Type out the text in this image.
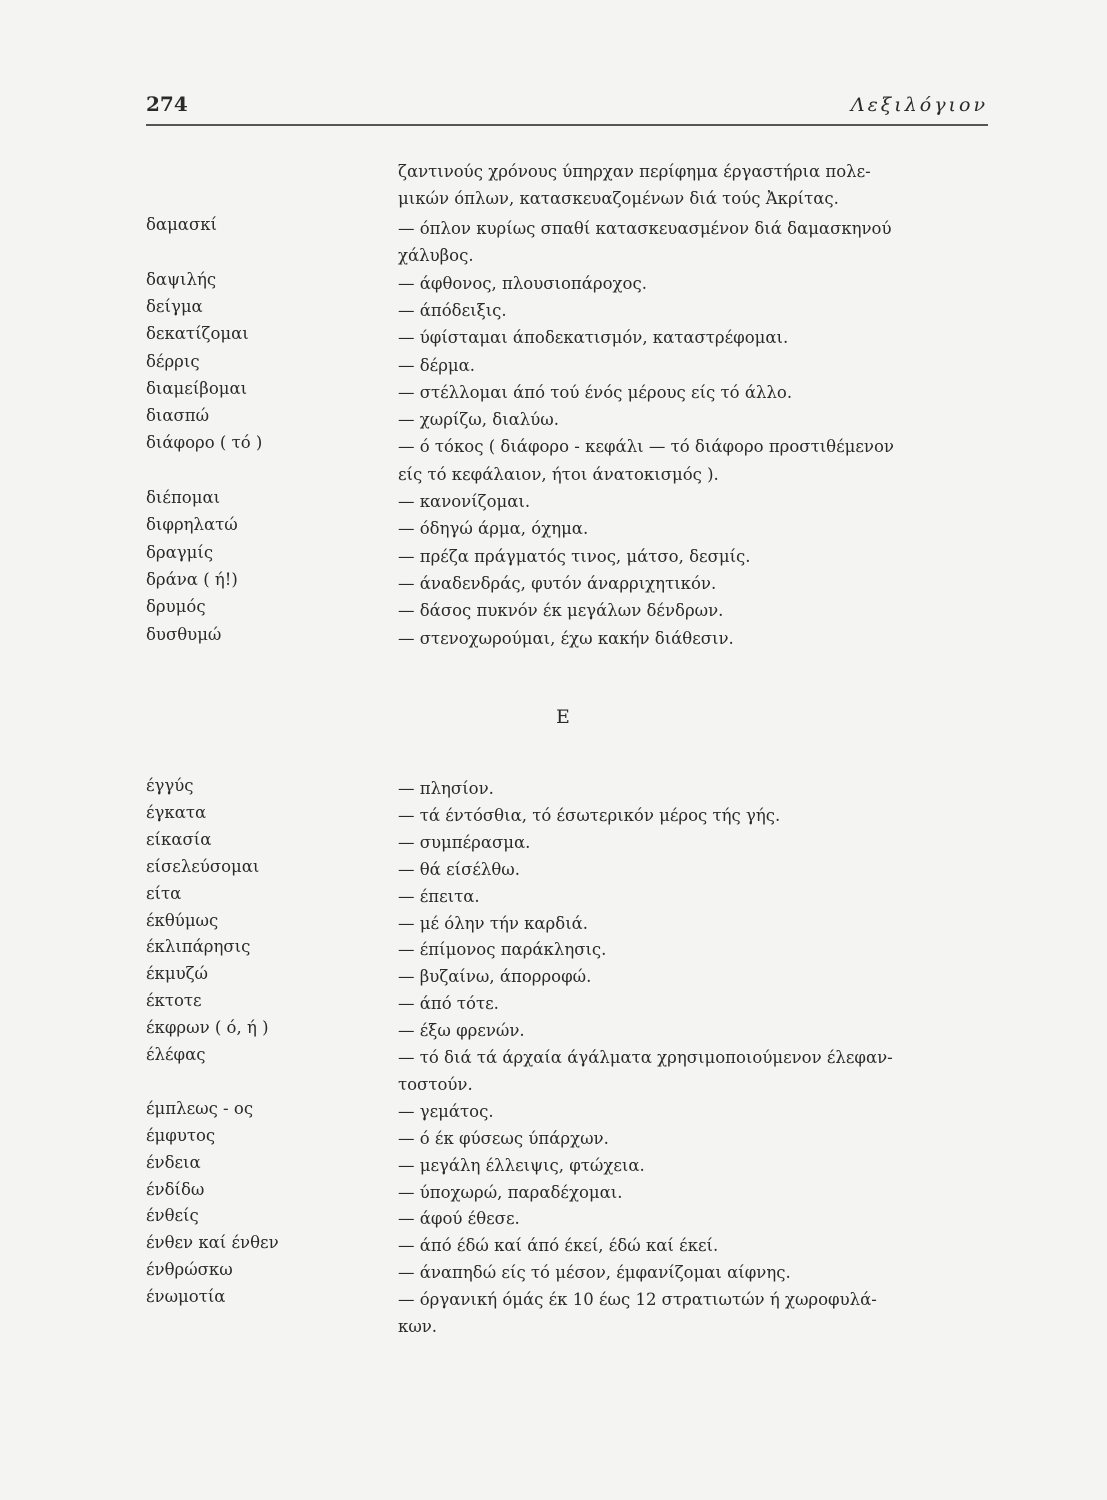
274	Λεξιλόγιον
ζαντινούς χρόνους ύπηρχαν περίφημα έργαστήρια πολε-
μικών όπλων, κατασκευαζομένων διά τούς Ἀκρίτας.
δαμασκί	— όπλον κυρίως σπαθί κατασκευασμένον διά δαμασκηνού
χάλυβος.
δαψιλής	— άφθονος, πλουσιοπάροχος.
δείγμα	— άπόδειξις.
δεκατίζομαι	— ύφίσταμαι άποδεκατισμόν, καταστρέφομαι.
δέρρις	— δέρμα.
διαμείβομαι	— στέλλομαι άπό τού ένός μέρους είς τό άλλο.
διασπώ	— χωρίζω, διαλύω.
διάφορο ( τό )	— ό τόκος ( διάφορο - κεφάλι — τό διάφορο προστιθέμενον
είς τό κεφάλαιον, ήτοι άνατοκισμός ).
διέπομαι	— κανονίζομαι.
διφρηλατώ	— όδηγώ άρμα, όχημα.
δραγμίς	— πρέζα πράγματός τινος, μάτσο, δεσμίς.
δράνα ( ή!)	— άναδενδράς, φυτόν άναρριχητικόν.
δρυμός	— δάσος πυκνόν έκ μεγάλων δένδρων.
δυσθυμώ	— στενοχωρούμαι, έχω κακήν διάθεσιν.
Ε
έγγύς	— πλησίον.
έγκατα	— τά έντόσθια, τό έσωτερικόν μέρος τής γής.
είκασία	— συμπέρασμα.
είσελεύσομαι	— θά είσέλθω.
είτα	— έπειτα.
έκθύμως	— μέ όλην τήν καρδιά.
έκλιπάρησις	— έπίμονος παράκλησις.
έκμυζώ	— βυζαίνω, άπορροφώ.
έκτοτε	— άπό τότε.
έκφρων ( ό, ή )	— έξω φρενών.
έλέφας	— τό διά τά άρχαία άγάλματα χρησιμοποιούμενον έλεφαν-
τοστούν.
έμπλεως - ος	— γεμάτος.
έμφυτος	— ό έκ φύσεως ύπάρχων.
ένδεια	— μεγάλη έλλειψις, φτώχεια.
ένδίδω	— ύποχωρώ, παραδέχομαι.
ένθείς	— άφού έθεσε.
ένθεν καί ένθεν	— άπό έδώ καί άπό έκεί, έδώ καί έκεί.
ένθρώσκω	— άναπηδώ είς τό μέσον, έμφανίζομαι αίφνης.
ένωμοτία	— όργανική όμάς έκ 10 έως 12 στρατιωτών ή χωροφυλά-
κων.
